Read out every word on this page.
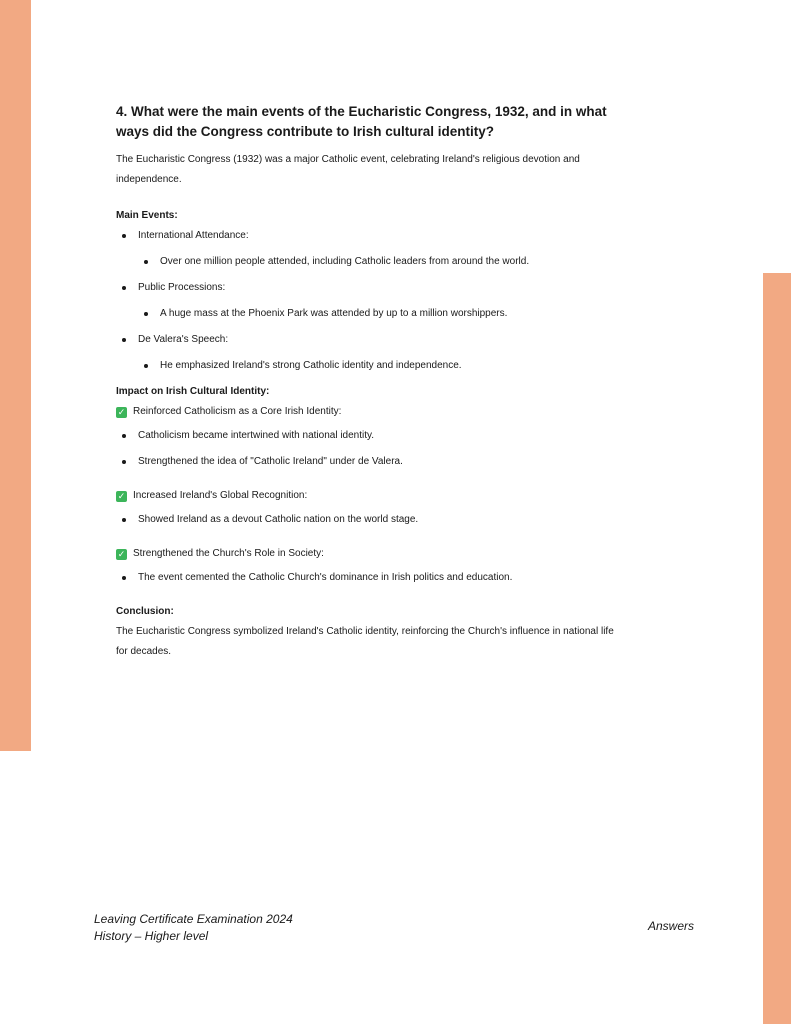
4. What were the main events of the Eucharistic Congress, 1932, and in what ways did the Congress contribute to Irish cultural identity?

The Eucharistic Congress (1932) was a major Catholic event, celebrating Ireland's religious devotion and independence.

Main Events:

International Attendance:
Over one million people attended, including Catholic leaders from around the world.
Public Processions:
A huge mass at the Phoenix Park was attended by up to a million worshippers.
De Valera's Speech:
He emphasized Ireland's strong Catholic identity and independence.

Impact on Irish Cultural Identity:

✓ Reinforced Catholicism as a Core Irish Identity:
Catholicism became intertwined with national identity.
Strengthened the idea of "Catholic Ireland" under de Valera.
✓ Increased Ireland's Global Recognition:
Showed Ireland as a devout Catholic nation on the world stage.
✓ Strengthened the Church's Role in Society:
The event cemented the Catholic Church's dominance in Irish politics and education.

Conclusion:

The Eucharistic Congress symbolized Ireland's Catholic identity, reinforcing the Church's influence in national life for decades.

Leaving Certificate Examination 2024
History – Higher level
Answers
